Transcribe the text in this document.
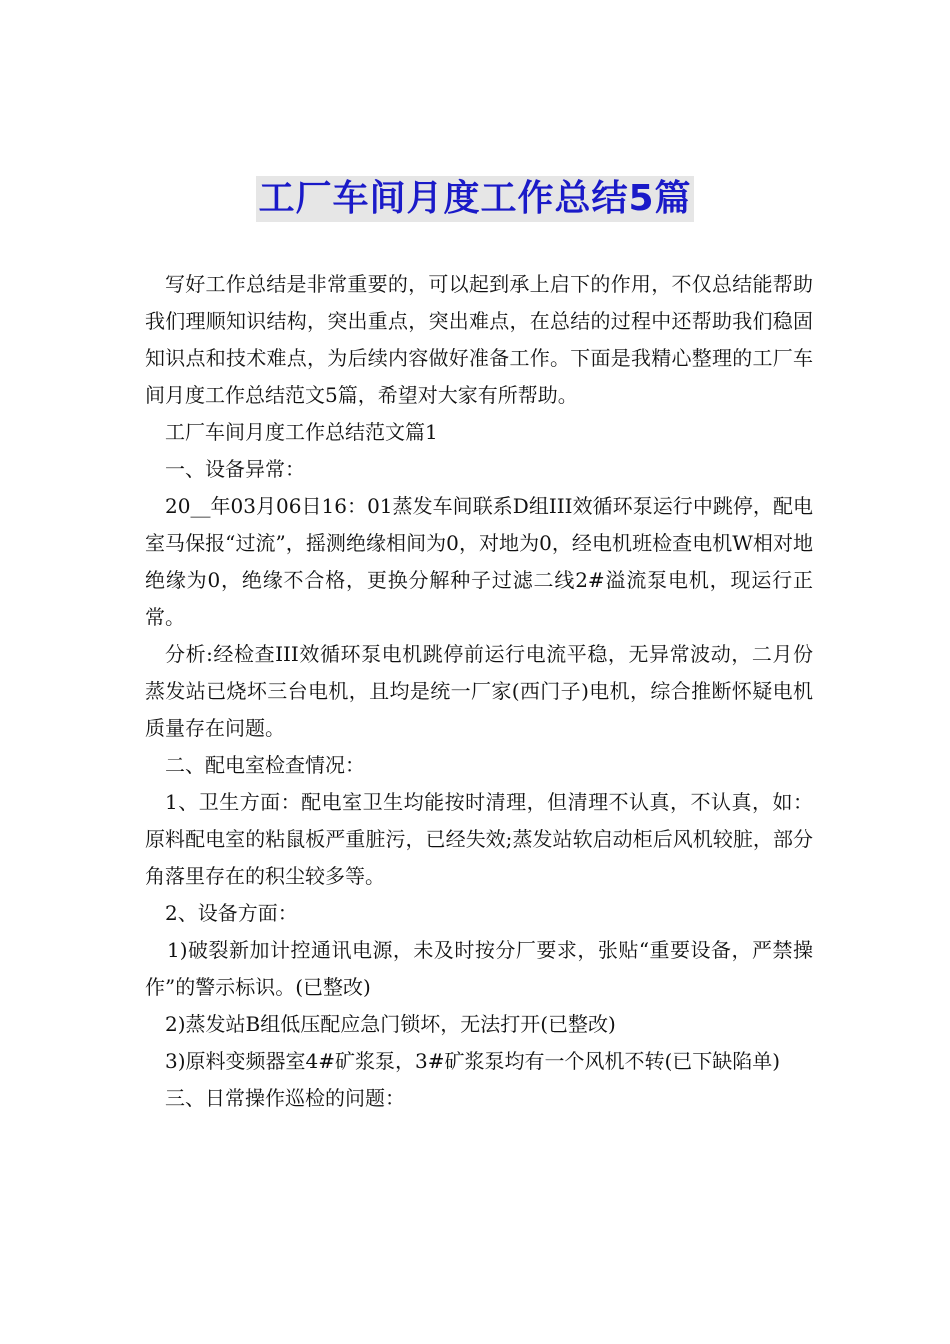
工厂车间月度工作总结5篇

写好工作总结是非常重要的，可以起到承上启下的作用，不仅总结能帮助我们理顺知识结构，突出重点，突出难点，在总结的过程中还帮助我们稳固知识点和技术难点，为后续内容做好准备工作。下面是我精心整理的工厂车间月度工作总结范文5篇，希望对大家有所帮助。

工厂车间月度工作总结范文篇1

一、设备异常：

20__年03月06日16：01蒸发车间联系D组III效循环泵运行中跳停，配电室马保报“过流”，摇测绝缘相间为0，对地为0，经电机班检查电机W相对地绝缘为0，绝缘不合格，更换分解种子过滤二线2#溢流泵电机，现运行正常。

分析:经检查III效循环泵电机跳停前运行电流平稳，无异常波动，二月份蒸发站已烧坏三台电机，且均是统一厂家(西门子)电机，综合推断怀疑电机质量存在问题。

二、配电室检查情况：

1、卫生方面：配电室卫生均能按时清理，但清理不认真，不认真，如：原料配电室的粘鼠板严重脏污，已经失效;蒸发站软启动柜后风机较脏，部分角落里存在的积尘较多等。

2、设备方面：

1)破裂新加计控通讯电源，未及时按分厂要求，张贴“重要设备，严禁操作”的警示标识。(已整改)

2)蒸发站B组低压配应急门锁坏，无法打开(已整改)

3)原料变频器室4#矿浆泵，3#矿浆泵均有一个风机不转(已下缺陷单)

三、日常操作巡检的问题：
